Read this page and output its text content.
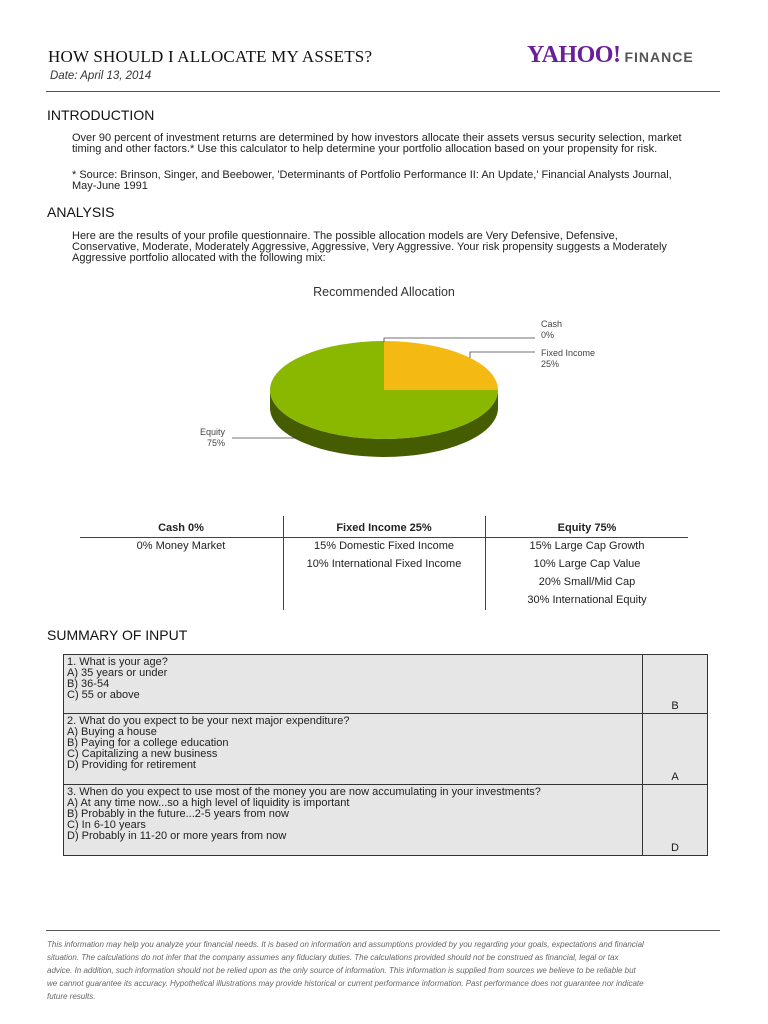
HOW SHOULD I ALLOCATE MY ASSETS?
Date: April 13, 2014
YAHOO! FINANCE
INTRODUCTION
Over 90 percent of investment returns are determined by how investors allocate their assets versus security selection, market
timing and other factors.* Use this calculator to help determine your portfolio allocation based on your propensity for risk.
* Source: Brinson, Singer, and Beebower, 'Determinants of Portfolio Performance II: An Update,' Financial Analysts Journal,
May-June 1991
ANALYSIS
Here are the results of your profile questionnaire. The possible allocation models are Very Defensive, Defensive,
Conservative, Moderate, Moderately Aggressive, Aggressive, Very Aggressive. Your risk propensity suggests a Moderately
Aggressive portfolio allocated with the following mix:
Recommended Allocation
Cash
0%
Fixed Income
25%
Equity
75%
Cash 0%
0% Money Market
Fixed Income 25%
15% Domestic Fixed Income
10% International Fixed Income
Equity 75%
15% Large Cap Growth
10% Large Cap Value
20% Small/Mid Cap
30% International Equity
SUMMARY OF INPUT
1. What is your age?
A) 35 years or under
B) 36-54
C) 55 or above
B
2. What do you expect to be your next major expenditure?
A) Buying a house
B) Paying for a college education
C) Capitalizing a new business
D) Providing for retirement
A
3. When do you expect to use most of the money you are now accumulating in your investments?
A) At any time now...so a high level of liquidity is important
B) Probably in the future...2-5 years from now
C) In 6-10 years
D) Probably in 11-20 or more years from now
D
This information may help you analyze your financial needs. It is based on information and assumptions provided by you regarding your goals, expectations and financial
situation. The calculations do not infer that the company assumes any fiduciary duties. The calculations provided should not be construed as financial, legal or tax
advice. In addition, such information should not be relied upon as the only source of information. This information is supplied from sources we believe to be reliable but
we cannot guarantee its accuracy. Hypothetical illustrations may provide historical or current performance information. Past performance does not guarantee nor indicate
future results.
